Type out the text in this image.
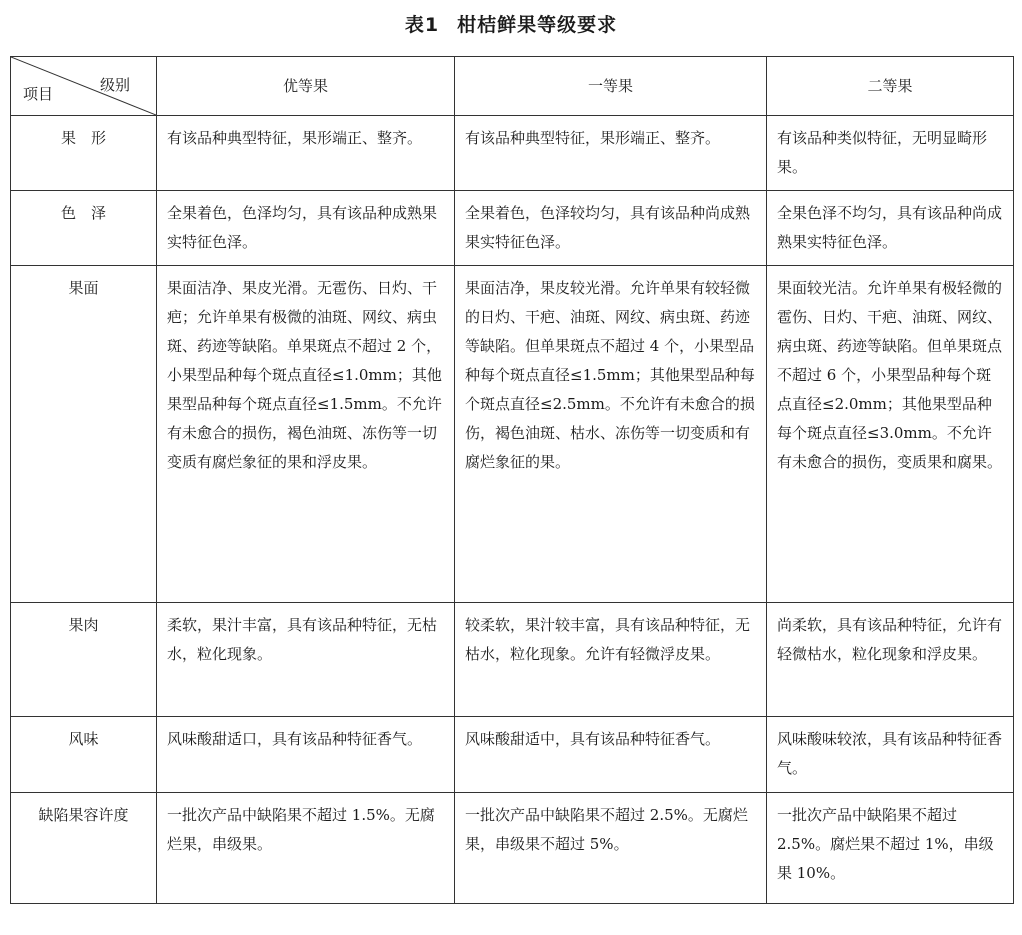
表1 柑桔鲜果等级要求
级别
项目	优等果	一等果	二等果
果　形	有该品种典型特征，果形端正、整齐。	有该品种典型特征，果形端正、整齐。	有该品种类似特征，无明显畸形果。
色　泽	全果着色，色泽均匀，具有该品种成熟果实特征色泽。	全果着色，色泽较均匀，具有该品种尚成熟果实特征色泽。	全果色泽不均匀，具有该品种尚成熟果实特征色泽。
果面	果面洁净、果皮光滑。无雹伤、日灼、干疤；允许单果有极微的油斑、网纹、病虫斑、药迹等缺陷。单果斑点不超过 2 个，小果型品种每个斑点直径≤1.0mm；其他果型品种每个斑点直径≤1.5mm。不允许有未愈合的损伤，褐色油斑、冻伤等一切变质有腐烂象征的果和浮皮果。	果面洁净，果皮较光滑。允许单果有较轻微的日灼、干疤、油斑、网纹、病虫斑、药迹等缺陷。但单果斑点不超过 4 个，小果型品种每个斑点直径≤1.5mm；其他果型品种每个斑点直径≤2.5mm。不允许有未愈合的损伤，褐色油斑、枯水、冻伤等一切变质和有腐烂象征的果。	果面较光洁。允许单果有极轻微的雹伤、日灼、干疤、油斑、网纹、病虫斑、药迹等缺陷。但单果斑点不超过 6 个，小果型品种每个斑点直径≤2.0mm；其他果型品种每个斑点直径≤3.0mm。不允许有未愈合的损伤，变质果和腐果。
果肉	柔软，果汁丰富，具有该品种特征，无枯水，粒化现象。	较柔软，果汁较丰富，具有该品种特征，无枯水，粒化现象。允许有轻微浮皮果。	尚柔软，具有该品种特征，允许有轻微枯水，粒化现象和浮皮果。
风味	风味酸甜适口，具有该品种特征香气。	风味酸甜适中，具有该品种特征香气。	风味酸味较浓，具有该品种特征香气。
缺陷果容许度	一批次产品中缺陷果不超过 1.5%。无腐烂果，串级果。	一批次产品中缺陷果不超过 2.5%。无腐烂果，串级果不超过 5%。	一批次产品中缺陷果不超过 2.5%。腐烂果不超过 1%，串级果 10%。
